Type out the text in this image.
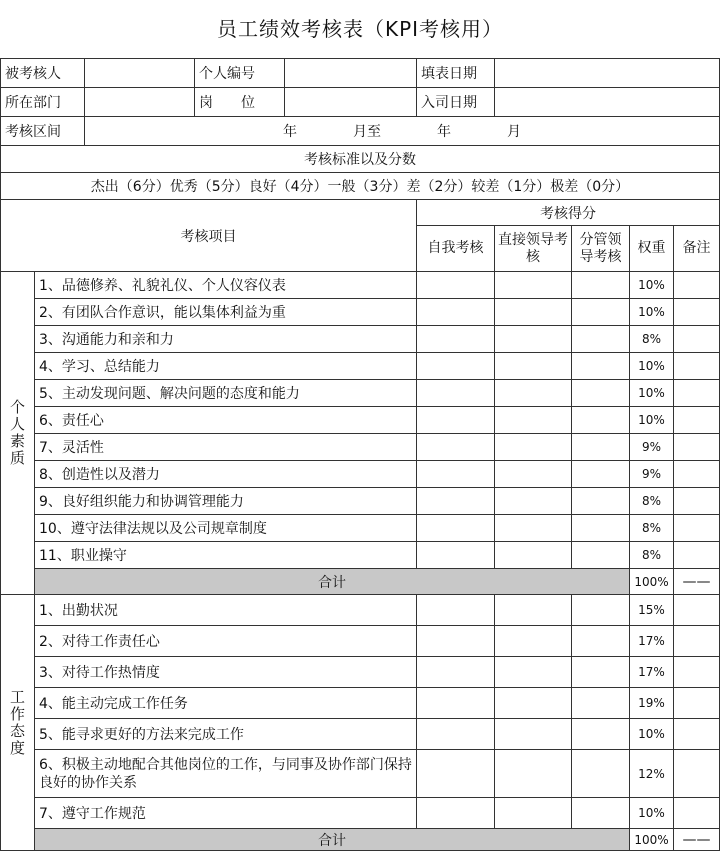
员工绩效考核表（KPI考核用）
被考核人			个人编号		填表日期				
所在部门			岗　　位		入司日期				
考核区间		年　　　　月至　　　　年　　　　月							
考核标准以及分数									
杰出（6分）优秀（5分）良好（4分）一般（3分）差（2分）较差（1分）极差（0分）									
考核项目					考核得分				
					自我考核	直接领导考核	分管领导考核	权重	备注
个人素质	1、品德修养、礼貌礼仪、个人仪容仪表							10%	
	2、有团队合作意识，能以集体利益为重							10%	
	3、沟通能力和亲和力							8%	
	4、学习、总结能力							10%	
	5、主动发现问题、解决问题的态度和能力							10%	
	6、责任心							10%	
	7、灵活性							9%	
	8、创造性以及潜力							9%	
	9、良好组织能力和协调管理能力							8%	
	10、遵守法律法规以及公司规章制度							8%	
	11、职业操守							8%	
	合计							100%	——
工作态度	1、出勤状况							15%	
	2、对待工作责任心							17%	
	3、对待工作热情度							17%	
	4、能主动完成工作任务							19%	
	5、能寻求更好的方法来完成工作							10%	
	6、积极主动地配合其他岗位的工作，与同事及协作部门保持良好的协作关系							12%	
	7、遵守工作规范							10%	
	合计							100%	——
